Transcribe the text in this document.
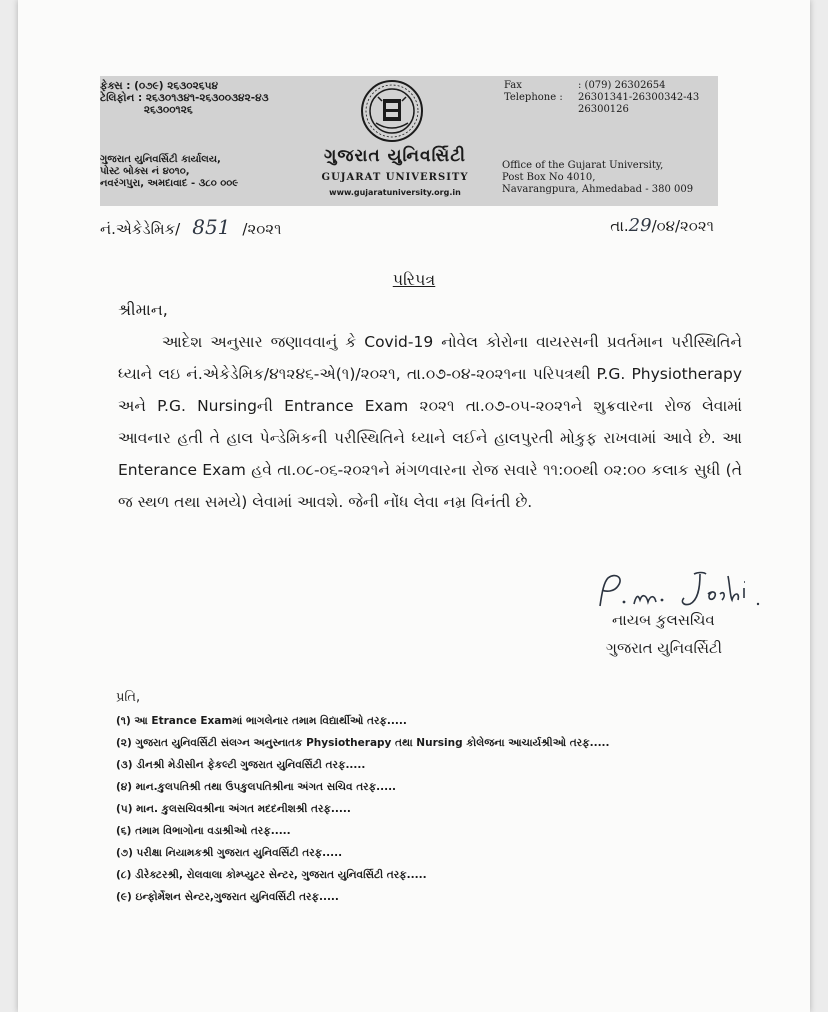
ફેક્સ : (૦૭૯) ૨૬૩૦૨૬૫૪
ટેલિફોન : ૨૬૩૦૧૩૪૧-૨૬૩૦૦૩૪૨-૪૩
૨૬૩૦૦૧૨૬
ગુજરાત યુનિવર્સિટી
GUJARAT UNIVERSITY
www.gujaratuniversity.org.in
ગુજરાત યુનિવર્સિટી કાર્યાલય,
પોસ્ટ બોક્સ નં ૪૦૧૦,
નવરંગપુરા, અમદાવાદ - ૩૮૦ ૦૦૯
Fax	: (079) 26302654
Telephone :	26301341-26300342-43
26300126
Office of the Gujarat University,
Post Box No 4010,
Navarangpura, Ahmedabad - 380 009
નં.એકેડેમિક/ 851 /૨૦૨૧	તા.29/૦૪/૨૦૨૧
પરિપત્ર
શ્રીમાન,
આદેશ અનુસાર જણાવવાનું કે Covid-19 નોવેલ કોરોના વાયરસની પ્રવર્તમાન પરીસ્થિતિને ધ્યાને લઇ નં.એકેડેમિક/૪૧૨૪૬-એ(૧)/૨૦૨૧, તા.૦૭-૦૪-૨૦૨૧ના પરિપત્રથી P.G. Physiotherapy અને P.G. Nursingની Entrance Exam ૨૦૨૧ તા.૦૭-૦૫-૨૦૨૧ને શુક્રવારના રોજ લેવામાં આવનાર હતી તે હાલ પેન્ડેમિકની પરીસ્થિતિને ધ્યાને લઈને હાલપુરતી મોકુફ રાખવામાં આવે છે. આ Enterance Exam હવે તા.૦૮-૦૬-૨૦૨૧ને મંગળવારના રોજ સવારે ૧૧:૦૦થી ૦૨:૦૦ કલાક સુધી (તે જ સ્થળ તથા સમયે) લેવામાં આવશે. જેની નોંધ લેવા નમ્ર વિનંતી છે.
નાયબ કુલસચિવ
ગુજરાત યુનિવર્સિટી
પ્રતિ,
(૧) આ Etrance Examમાં ભાગલેનાર તમામ વિદ્યાર્થીઓ તરફ.....
(૨) ગુજરાત યુનિવર્સિટી સંલગ્ન અનુસ્નાતક Physiotherapy તથા Nursing કોલેજના આચાર્યશ્રીઓ તરફ.....
(૩) ડીનશ્રી મેડીસીન ફેકલ્ટી ગુજરાત યુનિવર્સિટી તરફ.....
(૪) માન.કુલપતિશ્રી તથા ઉપકુલપતિશ્રીના અંગત સચિવ તરફ.....
(૫) માન. કુલસચિવશ્રીના અંગત મદદનીશશ્રી તરફ.....
(૬) તમામ વિભાગોના વડાશ્રીઓ તરફ.....
(૭) પરીક્ષા નિયામકશ્રી ગુજરાત યુનિવર્સિટી તરફ.....
(૮) ડીરેક્ટરશ્રી, રોલવાલા કોમ્પ્યુટર સેન્ટર, ગુજરાત યુનિવર્સિટી તરફ.....
(૯) ઇન્ફોર્મેશન સેન્ટર,ગુજરાત યુનિવર્સિટી તરફ.....
